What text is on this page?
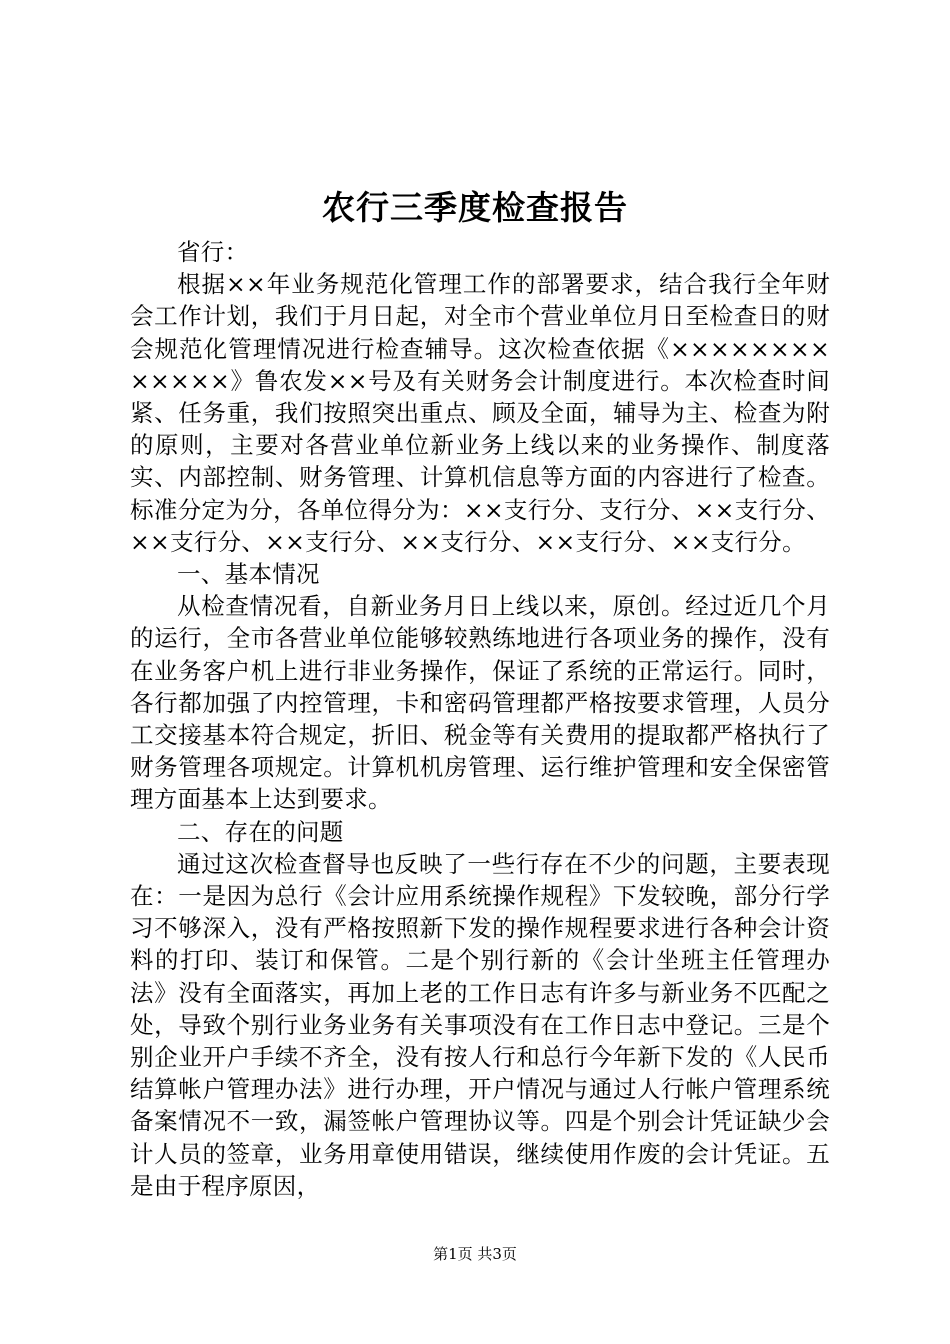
农行三季度检查报告

省行：

根据××年业务规范化管理工作的部署要求，结合我行全年财会工作计划，我们于月日起，对全市个营业单位月日至检查日的财会规范化管理情况进行检查辅导。这次检查依据《×××××××××××××》鲁农发××号及有关财务会计制度进行。本次检查时间紧、任务重，我们按照突出重点、顾及全面，辅导为主、检查为附的原则，主要对各营业单位新业务上线以来的业务操作、制度落实、内部控制、财务管理、计算机信息等方面的内容进行了检查。标准分定为分，各单位得分为：××支行分、支行分、××支行分、××支行分、××支行分、××支行分、××支行分、××支行分。

一、基本情况

从检查情况看，自新业务月日上线以来，原创。经过近几个月的运行，全市各营业单位能够较熟练地进行各项业务的操作，没有在业务客户机上进行非业务操作，保证了系统的正常运行。同时，各行都加强了内控管理，卡和密码管理都严格按要求管理，人员分工交接基本符合规定，折旧、税金等有关费用的提取都严格执行了财务管理各项规定。计算机机房管理、运行维护管理和安全保密管理方面基本上达到要求。

二、存在的问题

通过这次检查督导也反映了一些行存在不少的问题，主要表现在：一是因为总行《会计应用系统操作规程》下发较晚，部分行学习不够深入，没有严格按照新下发的操作规程要求进行各种会计资料的打印、装订和保管。二是个别行新的《会计坐班主任管理办法》没有全面落实，再加上老的工作日志有许多与新业务不匹配之处，导致个别行业务业务有关事项没有在工作日志中登记。三是个别企业开户手续不齐全，没有按人行和总行今年新下发的《人民币结算帐户管理办法》进行办理，开户情况与通过人行帐户管理系统备案情况不一致，漏签帐户管理协议等。四是个别会计凭证缺少会计人员的签章，业务用章使用错误，继续使用作废的会计凭证。五是由于程序原因，

第1页 共3页
